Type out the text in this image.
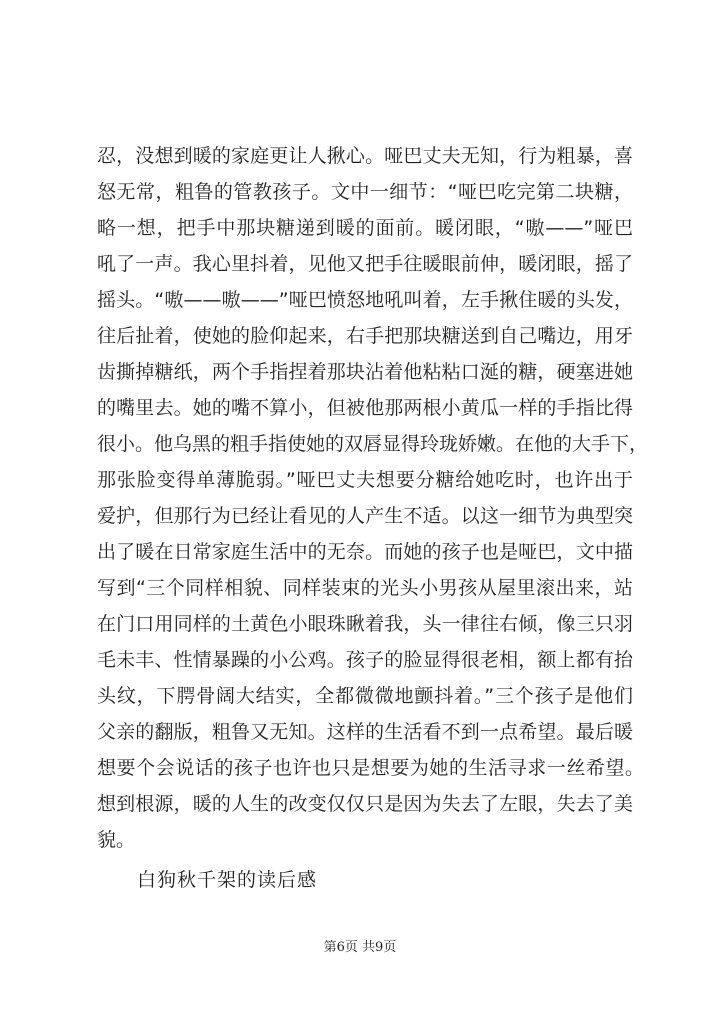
忍，没想到暖的家庭更让人揪心。哑巴丈夫无知，行为粗暴，喜
怒无常，粗鲁的管教孩子。文中一细节：“哑巴吃完第二块糖，
略一想，把手中那块糖递到暖的面前。暖闭眼，“嗷——”哑巴
吼了一声。我心里抖着，见他又把手往暖眼前伸，暖闭眼，摇了
摇头。“嗷——嗷——”哑巴愤怒地吼叫着，左手揪住暖的头发，
往后扯着，使她的脸仰起来，右手把那块糖送到自己嘴边，用牙
齿撕掉糖纸，两个手指捏着那块沾着他粘粘口涎的糖，硬塞进她
的嘴里去。她的嘴不算小，但被他那两根小黄瓜一样的手指比得
很小。他乌黑的粗手指使她的双唇显得玲珑娇嫩。在他的大手下，
那张脸变得单薄脆弱。”哑巴丈夫想要分糖给她吃时，也许出于
爱护，但那行为已经让看见的人产生不适。以这一细节为典型突
出了暖在日常家庭生活中的无奈。而她的孩子也是哑巴，文中描
写到“三个同样相貌、同样装束的光头小男孩从屋里滚出来，站
在门口用同样的土黄色小眼珠瞅着我，头一律往右倾，像三只羽
毛未丰、性情暴躁的小公鸡。孩子的脸显得很老相，额上都有抬
头纹，下腭骨阔大结实，全都微微地颤抖着。”三个孩子是他们
父亲的翻版，粗鲁又无知。这样的生活看不到一点希望。最后暖
想要个会说话的孩子也许也只是想要为她的生活寻求一丝希望。
想到根源，暖的人生的改变仅仅只是因为失去了左眼，失去了美
貌。
白狗秋千架的读后感
第6页 共9页
